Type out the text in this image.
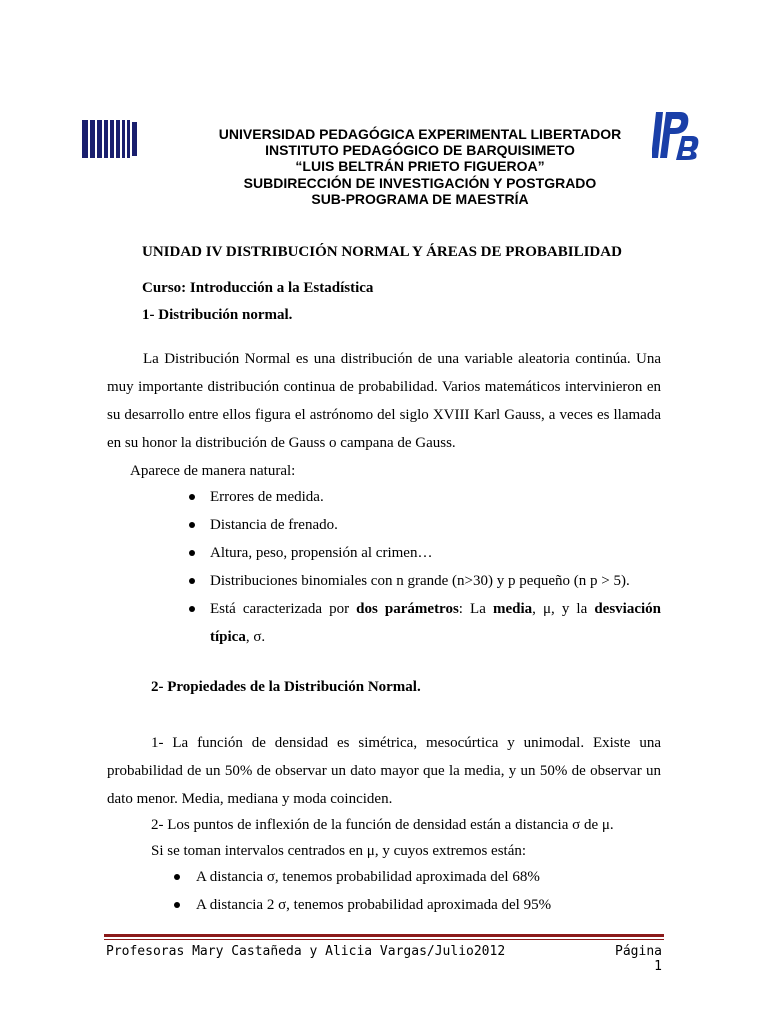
UNIVERSIDAD PEDAGÓGICA EXPERIMENTAL LIBERTADOR
INSTITUTO PEDAGÓGICO DE BARQUISIMETO
“LUIS BELTRÁN PRIETO FIGUEROA”
SUBDIRECCIÓN DE INVESTIGACIÓN Y POSTGRADO
SUB-PROGRAMA DE MAESTRÍA
UNIDAD IV DISTRIBUCIÓN NORMAL Y ÁREAS DE PROBABILIDAD
Curso: Introducción a la Estadística
1- Distribución normal.
La Distribución Normal es una distribución de una variable aleatoria continúa. Una muy importante distribución continua de probabilidad. Varios matemáticos intervinieron en su desarrollo entre ellos figura el astrónomo del siglo XVIII Karl Gauss, a veces es llamada en su honor la distribución de Gauss o campana de Gauss.
Aparece de manera natural:
Errores de medida.
Distancia de frenado.
Altura, peso, propensión al crimen…
Distribuciones binomiales con n grande (n>30) y p pequeño (n p > 5).
Está caracterizada por dos parámetros: La media, μ, y la desviación
típica, σ.
2- Propiedades de la Distribución Normal.
1- La función de densidad es simétrica, mesocúrtica y unimodal. Existe una probabilidad de un 50% de observar un dato mayor que la media, y un 50% de observar un dato menor. Media, mediana y moda coinciden.
2- Los puntos de inflexión de la función de densidad están a distancia σ de μ.
Si se toman intervalos centrados en μ, y cuyos extremos están:
A distancia σ, tenemos probabilidad aproximada del 68%
A distancia 2 σ, tenemos probabilidad aproximada del 95%
Profesoras Mary Castañeda y Alicia Vargas/Julio2012	Página 1
